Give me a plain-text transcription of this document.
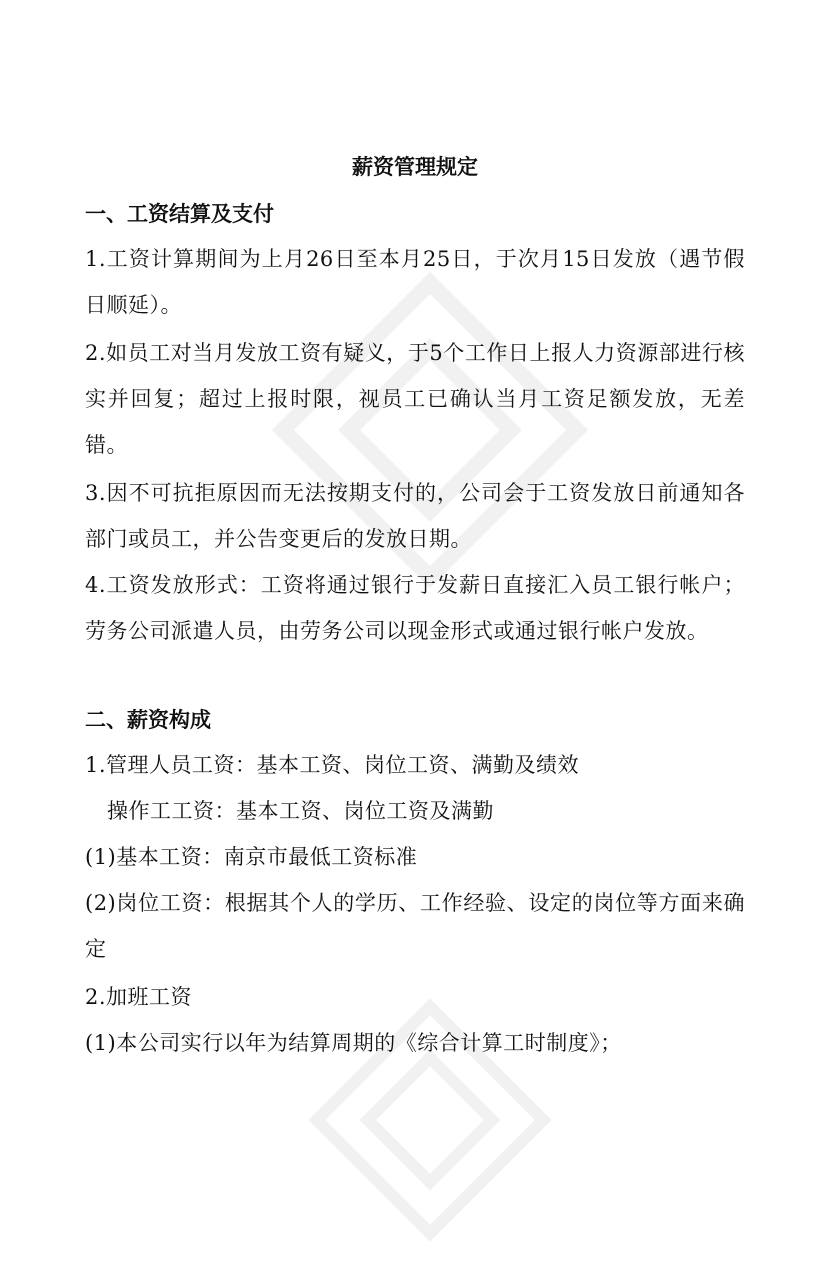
薪资管理规定
一、工资结算及支付
1.工资计算期间为上月26日至本月25日，于次月15日发放（遇节假日顺延）。
2.如员工对当月发放工资有疑义，于5个工作日上报人力资源部进行核实并回复；超过上报时限，视员工已确认当月工资足额发放，无差错。
3.因不可抗拒原因而无法按期支付的，公司会于工资发放日前通知各部门或员工，并公告变更后的发放日期。
4.工资发放形式：工资将通过银行于发薪日直接汇入员工银行帐户；劳务公司派遣人员，由劳务公司以现金形式或通过银行帐户发放。
二、薪资构成
1.管理人员工资：基本工资、岗位工资、满勤及绩效
操作工工资：基本工资、岗位工资及满勤
(1)基本工资：南京市最低工资标准
(2)岗位工资：根据其个人的学历、工作经验、设定的岗位等方面来确定
2.加班工资
(1)本公司实行以年为结算周期的《综合计算工时制度》；
